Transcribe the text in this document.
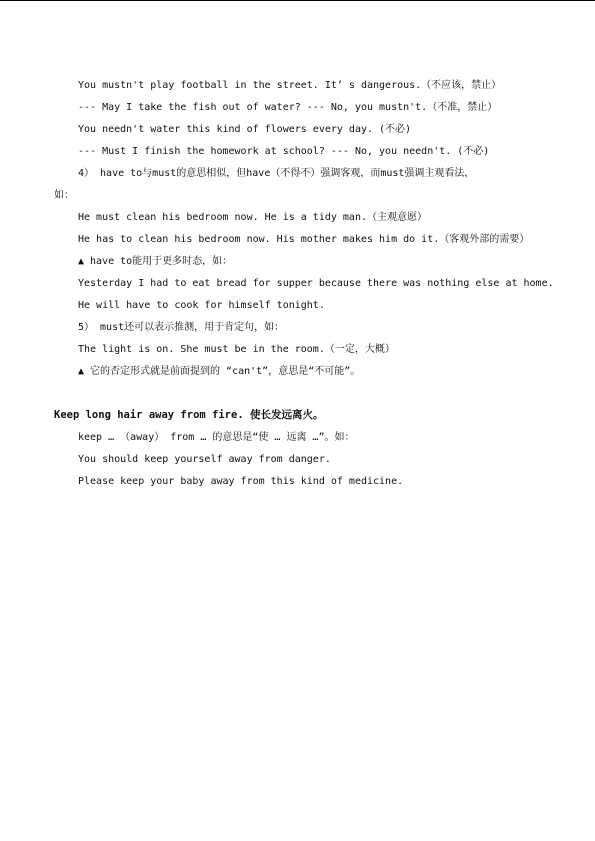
You mustn't play football in the street. It’ s dangerous.（不应该，禁止）
--- May I take the fish out of water? --- No, you mustn't.（不准，禁止）
You needn't water this kind of flowers every day. (不必)
--- Must I finish the homework at school? --- No, you needn't. (不必)
4） have to与must的意思相似，但have（不得不）强调客观，而must强调主观看法，
如：
He must clean his bedroom now. He is a tidy man.（主观意愿）
He has to clean his bedroom now. His mother makes him do it.（客观外部的需要）
▲ have to能用于更多时态，如：
Yesterday I had to eat bread for supper because there was nothing else at home.
He will have to cook for himself tonight.
5） must还可以表示推测，用于肯定句，如：
The light is on. She must be in the room.（一定，大概）
▲ 它的否定形式就是前面提到的 “can't”，意思是“不可能”。
Keep long hair away from fire. 使长发远离火。
keep … （away） from … 的意思是“使 … 远离 …”。如：
You should keep yourself away from danger.
Please keep your baby away from this kind of medicine.
